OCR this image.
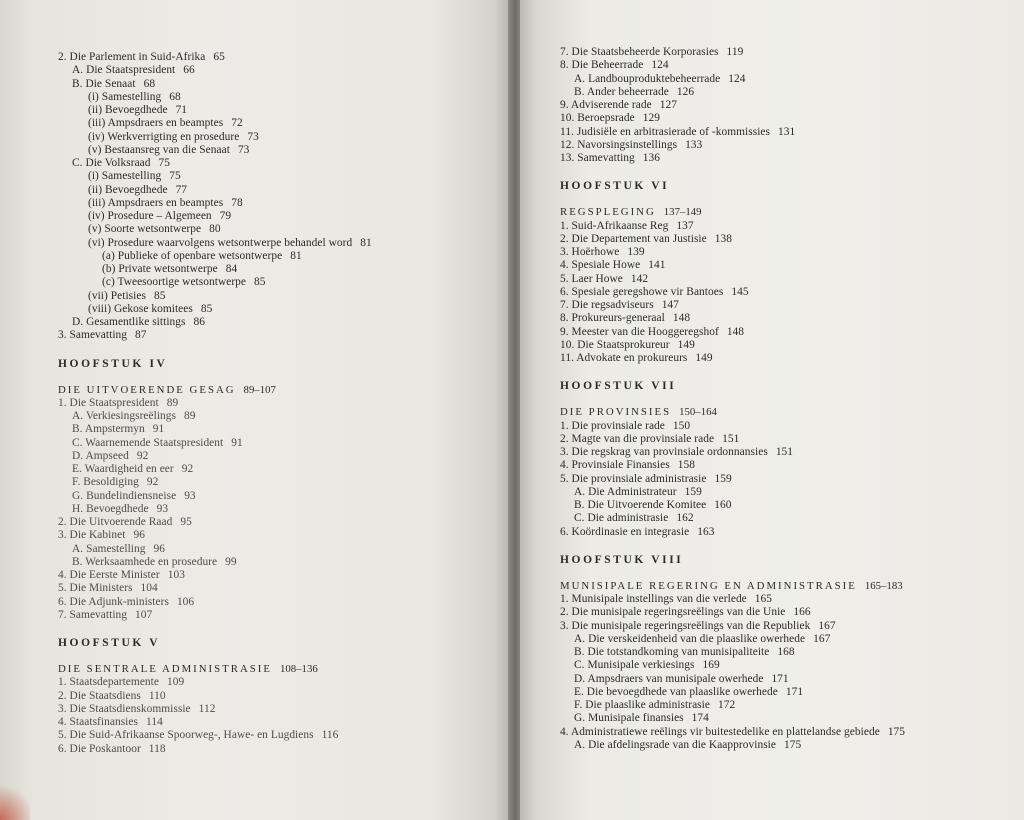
2. Die Parlement in Suid-Afrika 65
A. Die Staatspresident 66
B. Die Senaat 68
(i) Samestelling 68
(ii) Bevoegdhede 71
(iii) Ampsdraers en beamptes 72
(iv) Werkverrigting en prosedure 73
(v) Bestaansreg van die Senaat 73
C. Die Volksraad 75
(i) Samestelling 75
(ii) Bevoegdhede 77
(iii) Ampsdraers en beamptes 78
(iv) Prosedure – Algemeen 79
(v) Soorte wetsontwerpe 80
(vi) Prosedure waarvolgens wetsontwerpe behandel word 81
(a) Publieke of openbare wetsontwerpe 81
(b) Private wetsontwerpe 84
(c) Tweesoortige wetsontwerpe 85
(vii) Petisies 85
(viii) Gekose komitees 85
D. Gesamentlike sittings 86
3. Samevatting 87
HOOFSTUK IV
DIE UITVOERENDE GESAG 89–107
1. Die Staatspresident 89
A. Verkiesingsreëlings 89
B. Ampstermyn 91
C. Waarnemende Staatspresident 91
D. Ampseed 92
E. Waardigheid en eer 92
F. Besoldiging 92
G. Bundelindiensneise 93
H. Bevoegdhede 93
2. Die Uitvoerende Raad 95
3. Die Kabinet 96
A. Samestelling 96
B. Werksaamhede en prosedure 99
4. Die Eerste Minister 103
5. Die Ministers 104
6. Die Adjunk-ministers 106
7. Samevatting 107
HOOFSTUK V
DIE SENTRALE ADMINISTRASIE 108–136
1. Staatsdepartemente 109
2. Die Staatsdiens 110
3. Die Staatsdienskommissie 112
4. Staatsfinansies 114
5. Die Suid-Afrikaanse Spoorweg-, Hawe- en Lugdiens 116
6. Die Poskantoor 118
7. Die Staatsbeheerde Korporasies 119
8. Die Beheerrade 124
A. Landbouproduktebeheerrade 124
B. Ander beheerrade 126
9. Adviserende rade 127
10. Beroepsrade 129
11. Judisiële en arbitrasierade of -kommissies 131
12. Navorsingsinstellings 133
13. Samevatting 136
HOOFSTUK VI
REGSPLEGING 137–149
1. Suid-Afrikaanse Reg 137
2. Die Departement van Justisie 138
3. Hoërhowe 139
4. Spesiale Howe 141
5. Laer Howe 142
6. Spesiale geregshowe vir Bantoes 145
7. Die regsadviseurs 147
8. Prokureurs-generaal 148
9. Meester van die Hooggeregshof 148
10. Die Staatsprokureur 149
11. Advokate en prokureurs 149
HOOFSTUK VII
DIE PROVINSIES 150–164
1. Die provinsiale rade 150
2. Magte van die provinsiale rade 151
3. Die regskrag van provinsiale ordonnansies 151
4. Provinsiale Finansies 158
5. Die provinsiale administrasie 159
A. Die Administrateur 159
B. Die Uitvoerende Komitee 160
C. Die administrasie 162
6. Koördinasie en integrasie 163
HOOFSTUK VIII
MUNISIPALE REGERING EN ADMINISTRASIE 165–183
1. Munisipale instellings van die verlede 165
2. Die munisipale regeringsreëlings van die Unie 166
3. Die munisipale regeringsreëlings van die Republiek 167
A. Die verskeidenheid van die plaaslike owerhede 167
B. Die totstandkoming van munisipaliteite 168
C. Munisipale verkiesings 169
D. Ampsdraers van munisipale owerhede 171
E. Die bevoegdhede van plaaslike owerhede 171
F. Die plaaslike administrasie 172
G. Munisipale finansies 174
4. Administratiewe reëlings vir buitestedelike en plattelandse gebiede 175
A. Die afdelingsrade van die Kaapprovinsie 175
